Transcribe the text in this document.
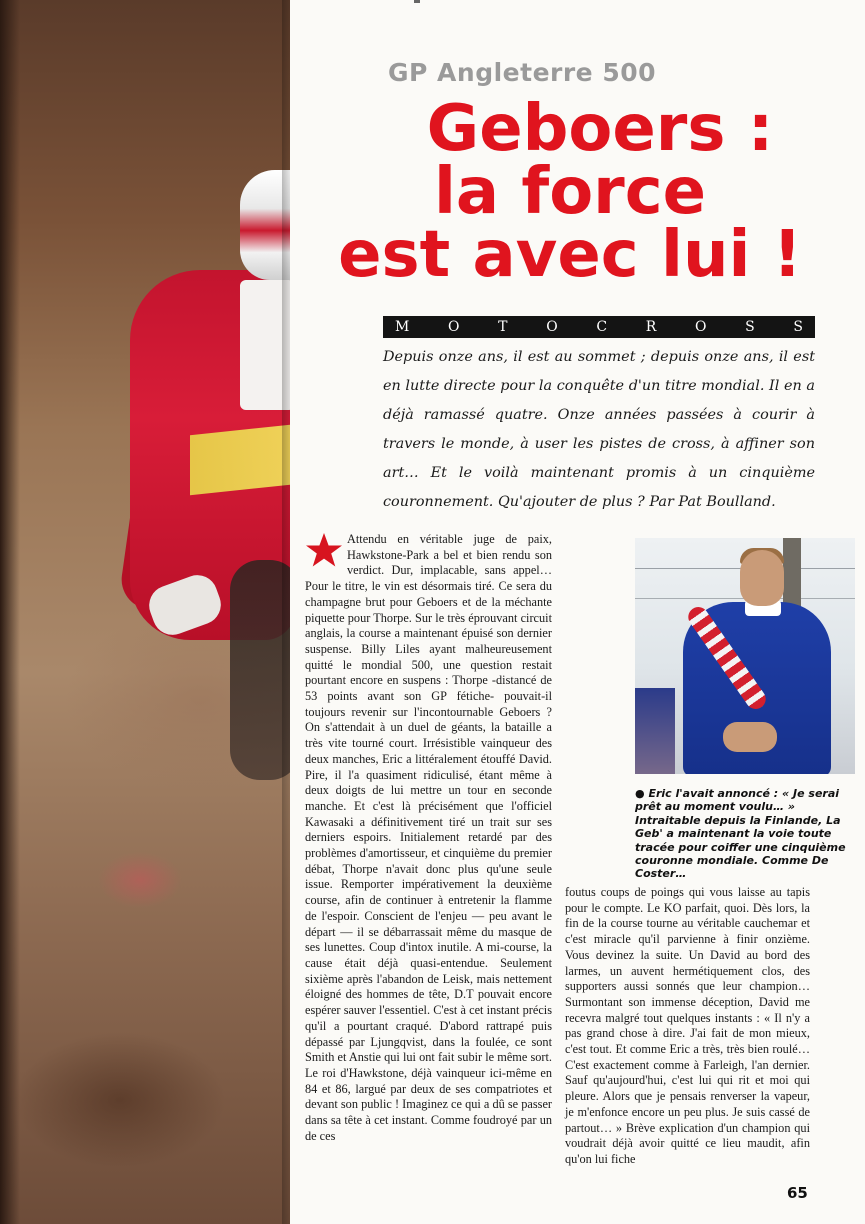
GP Angleterre 500
Geboers :
la force
est avec lui !
M	O	T	O	C	R	O	S	S
Depuis onze ans, il est au sommet ; depuis onze ans, il est en lutte directe pour la conquête d'un titre mondial. Il en a déjà ramassé quatre. Onze années passées à courir à travers le monde, à user les pistes de cross, à affiner son art… Et le voilà maintenant promis à un cinquième couronnement. Qu'ajouter de plus ? Par Pat Boulland.
Attendu en véritable juge de paix, Hawkstone-Park a bel et bien rendu son verdict. Dur, implacable, sans appel… Pour le titre, le vin est désormais tiré. Ce sera du champagne brut pour Geboers et de la méchante piquette pour Thorpe. Sur le très éprouvant circuit anglais, la course a maintenant épuisé son dernier suspense. Billy Liles ayant malheureusement quitté le mondial 500, une question restait pourtant encore en suspens : Thorpe -distancé de 53 points avant son GP fétiche- pouvait-il toujours revenir sur l'incontournable Geboers ? On s'attendait à un duel de géants, la bataille a très vite tourné court. Irrésistible vainqueur des deux manches, Eric a littéralement étouffé David. Pire, il l'a quasiment ridiculisé, étant même à deux doigts de lui mettre un tour en seconde manche. Et c'est là précisément que l'officiel Kawasaki a définitivement tiré un trait sur ses derniers espoirs. Initialement retardé par des problèmes d'amortisseur, et cinquième du premier débat, Thorpe n'avait donc plus qu'une seule issue. Remporter impérativement la deuxième course, afin de continuer à entretenir la flamme de l'espoir. Conscient de l'enjeu — peu avant le départ — il se débarrassait même du masque de ses lunettes. Coup d'intox inutile. A mi-course, la cause était déjà quasi-entendue. Seulement sixième après l'abandon de Leisk, mais nettement éloigné des hommes de tête, D.T pouvait encore espérer sauver l'essentiel. C'est à cet instant précis qu'il a pourtant craqué. D'abord rattrapé puis dépassé par Ljungqvist, dans la foulée, ce sont Smith et Anstie qui lui ont fait subir le même sort. Le roi d'Hawkstone, déjà vainqueur ici-même en 84 et 86, largué par deux de ses compatriotes et devant son public ! Imaginez ce qui a dû se passer dans sa tête à cet instant. Comme foudroyé par un de ces
● Eric l'avait annoncé : « Je serai prêt au moment voulu… » Intraitable depuis la Finlande, La Geb' a maintenant la voie toute tracée pour coiffer une cinquième couronne mondiale. Comme De Coster…
foutus coups de poings qui vous laisse au tapis pour le compte. Le KO parfait, quoi. Dès lors, la fin de la course tourne au véritable cauchemar et c'est miracle qu'il parvienne à finir onzième. Vous devinez la suite. Un David au bord des larmes, un auvent hermétiquement clos, des supporters aussi sonnés que leur champion… Surmontant son immense déception, David me recevra malgré tout quelques instants : « Il n'y a pas grand chose à dire. J'ai fait de mon mieux, c'est tout. Et comme Eric a très, très bien roulé… C'est exactement comme à Farleigh, l'an dernier. Sauf qu'aujourd'hui, c'est lui qui rit et moi qui pleure. Alors que je pensais renverser la vapeur, je m'enfonce encore un peu plus. Je suis cassé de partout… » Brève explication d'un champion qui voudrait déjà avoir quitté ce lieu maudit, afin qu'on lui fiche
65
